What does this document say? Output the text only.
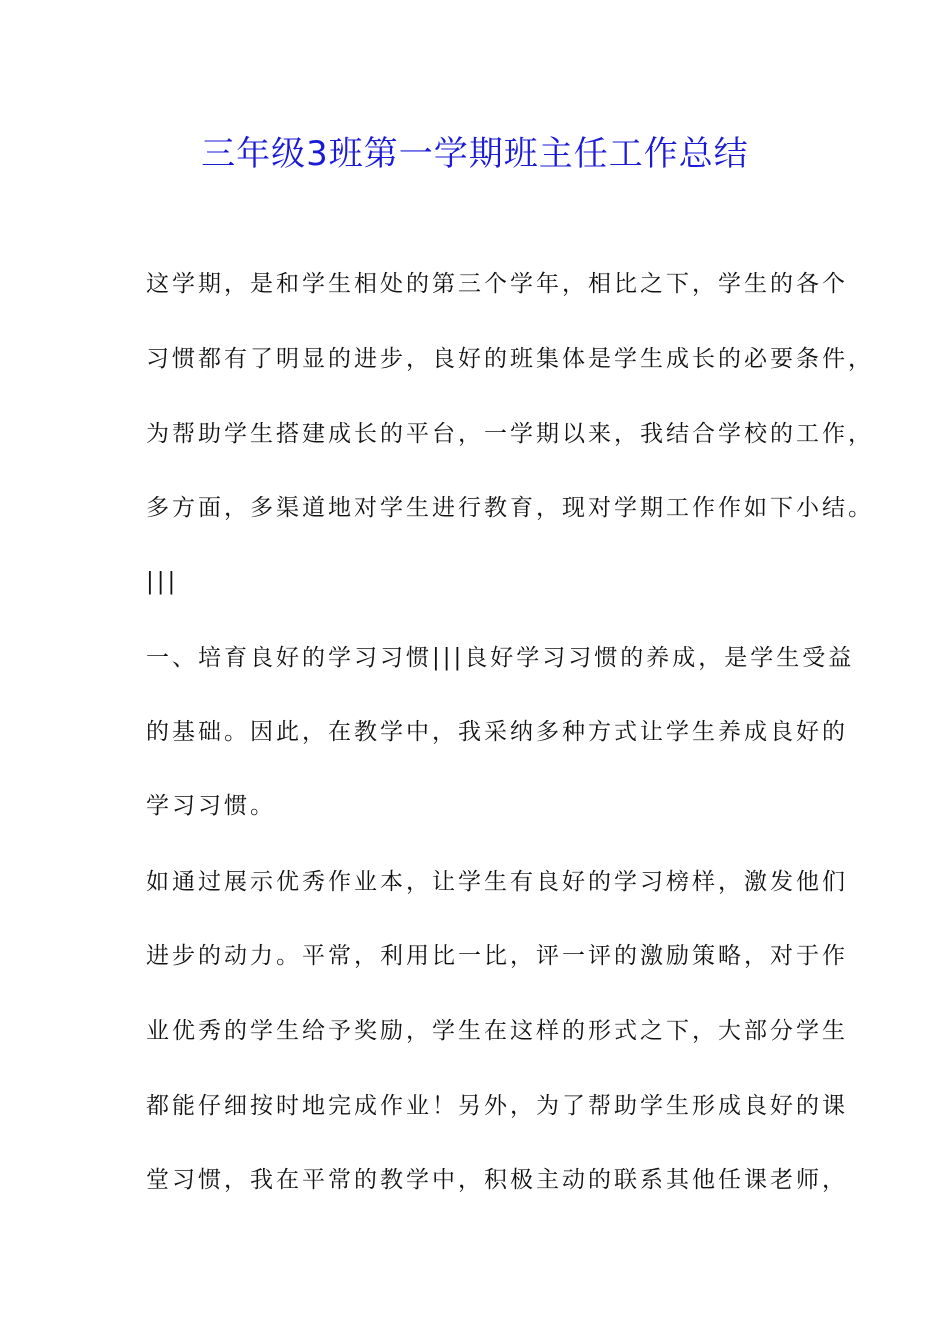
三年级3班第一学期班主任工作总结
这学期，是和学生相处的第三个学年，相比之下，学生的各个
习惯都有了明显的进步，良好的班集体是学生成长的必要条件，
为帮助学生搭建成长的平台，一学期以来，我结合学校的工作，
多方面，多渠道地对学生进行教育，现对学期工作作如下小结。
|||
一、培育良好的学习习惯|||良好学习习惯的养成，是学生受益
的基础。因此，在教学中，我采纳多种方式让学生养成良好的
学习习惯。
如通过展示优秀作业本，让学生有良好的学习榜样，激发他们
进步的动力。平常，利用比一比，评一评的激励策略，对于作
业优秀的学生给予奖励，学生在这样的形式之下，大部分学生
都能仔细按时地完成作业！另外，为了帮助学生形成良好的课
堂习惯，我在平常的教学中，积极主动的联系其他任课老师，
